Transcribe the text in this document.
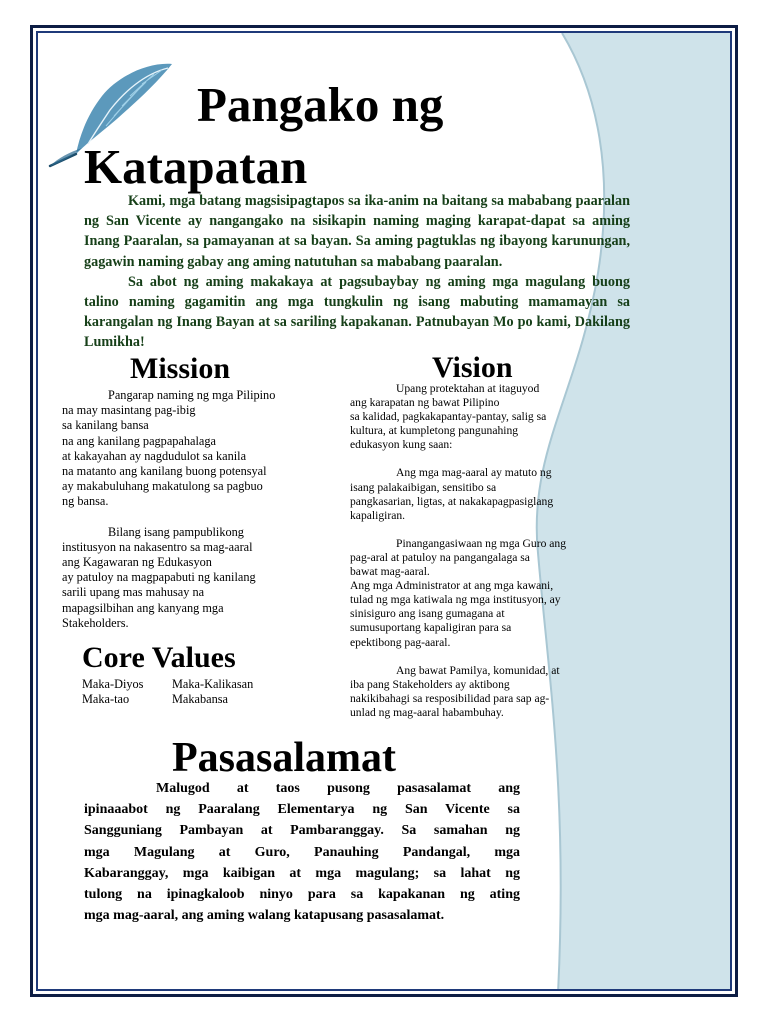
Pangako ng
Katapatan

Kami, mga batang magsisipagtapos sa ika-anim na baitang sa mababang paaralan ng San Vicente ay nangangako na sisikapin naming maging karapat-dapat sa aming Inang Paaralan, sa pamayanan at sa bayan. Sa aming pagtuklas ng ibayong karunungan, gagawin naming gabay ang aming natutuhan sa mababang paaralan.

Sa abot ng aming makakaya at pagsubaybay ng aming mga magulang buong talino naming gagamitin ang mga tungkulin ng isang mabuting mamamayan sa karangalan ng Inang Bayan at sa sariling kapakanan. Patnubayan Mo po kami, Dakilang Lumikha!

Mission	Vision

Pangarap naming ng mga Pilipino
na may masintang pag-ibig
sa kanilang bansa
na ang kanilang pagpapahalaga
at kakayahan ay nagdudulot sa kanila
na matanto ang kanilang buong potensyal
ay makabuluhang makatulong sa pagbuo
ng bansa.

Bilang isang pampublikong
institusyon na nakasentro sa mag-aaral
ang Kagawaran ng Edukasyon
ay patuloy na magpapabuti ng kanilang
sarili upang mas mahusay na
mapagsilbihan ang kanyang mga
Stakeholders.

Upang protektahan at itaguyod
ang karapatan ng bawat Pilipino
sa kalidad, pagkakapantay-pantay, salig sa
kultura, at kumpletong pangunahing
edukasyon kung saan:

Ang mga mag-aaral ay matuto ng
isang palakaibigan, sensitibo sa
pangkasarian, ligtas, at nakakapagpasiglang
kapaligiran.

Pinangangasiwaan ng mga Guro ang
pag-aral at patuloy na pangangalaga sa
bawat mag-aaral.

Ang mga Administrator at ang mga kawani,
tulad ng mga katiwala ng mga institusyon, ay
sinisiguro ang isang gumagana at
sumusuportang kapaligiran para sa
epektibong pag-aaral.

Ang bawat Pamilya, komunidad, at
iba pang Stakeholders ay aktibong
nakikibahagi sa resposibilidad para sap ag-
unlad ng mag-aaral habambuhay.

Core Values
Maka-Diyos	Maka-Kalikasan
Maka-tao	Makabansa
Pasasalamat
Malugod at taos pusong pasasalamat ang
ipinaaabot ng Paaralang Elementarya ng San Vicente sa
Sangguniang Pambayan at Pambaranggay. Sa samahan ng
mga Magulang at Guro, Panauhing Pandangal, mga
Kabaranggay, mga kaibigan at mga magulang; sa lahat ng
tulong na ipinagkaloob ninyo para sa kapakanan ng ating
mga mag-aaral, ang aming walang katapusang pasasalamat.
